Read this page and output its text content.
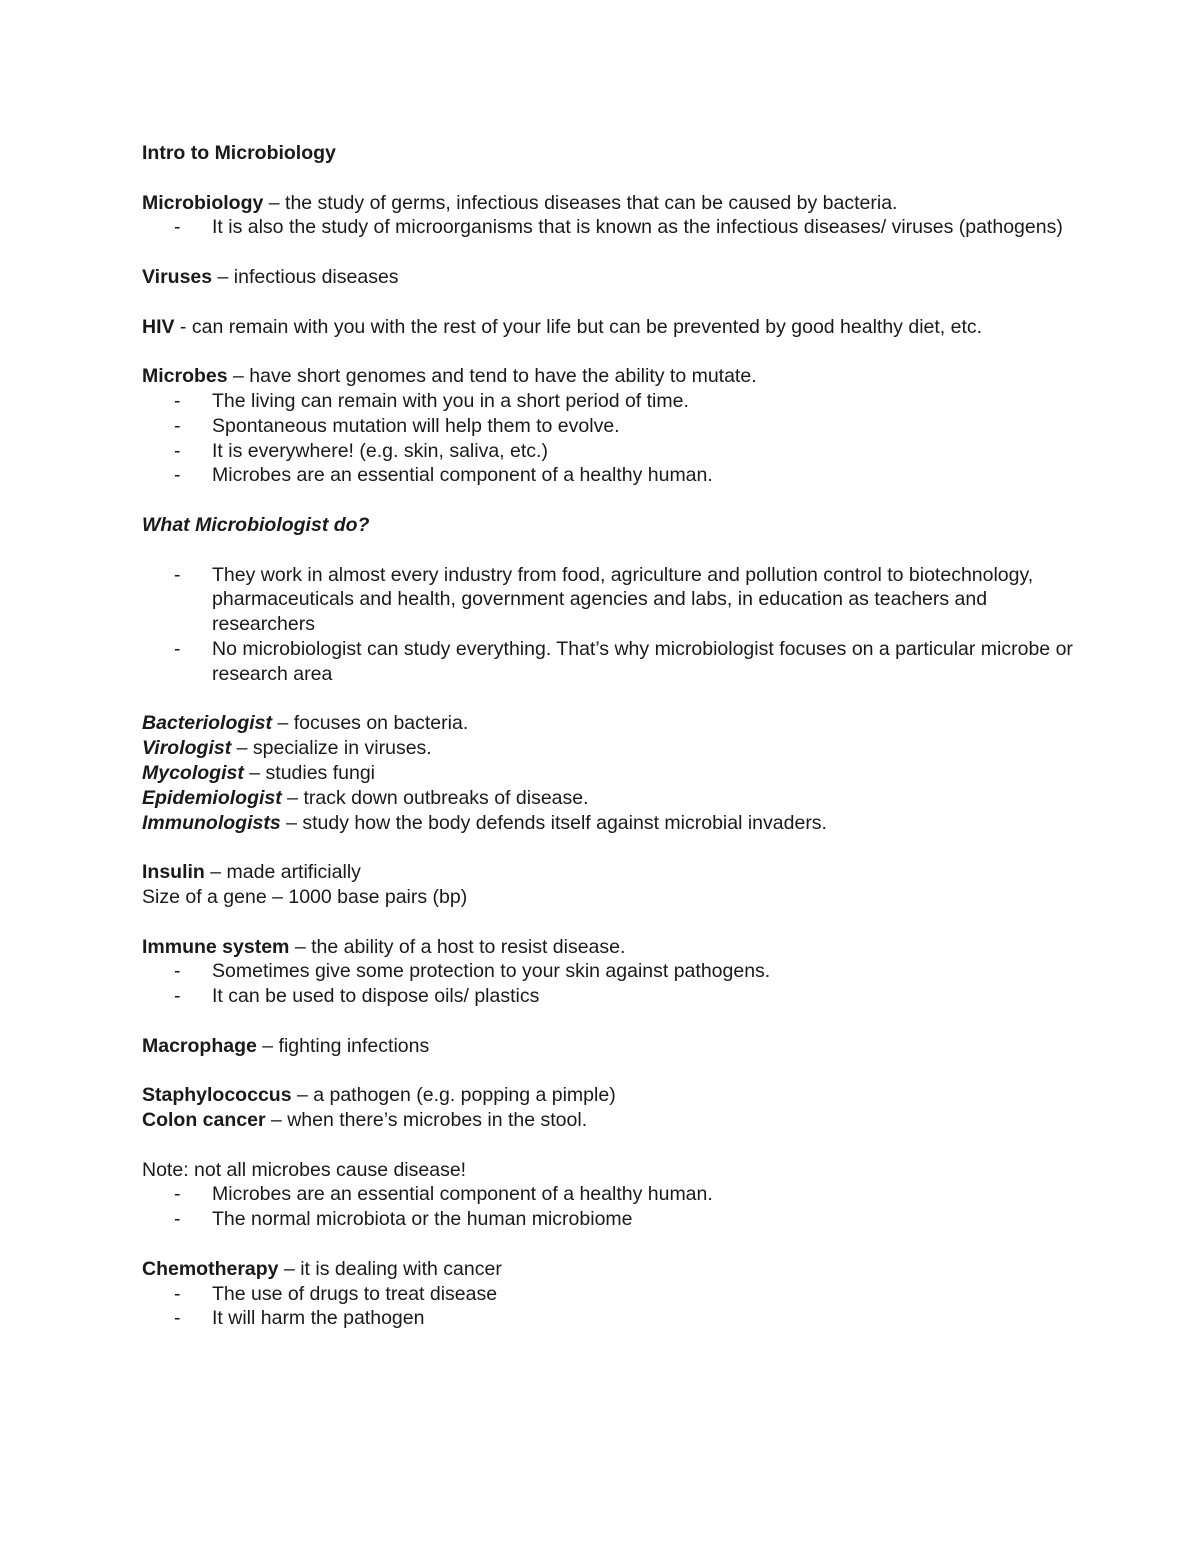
Intro to Microbiology

Microbiology – the study of germs, infectious diseases that can be caused by bacteria.

- It is also the study of microorganisms that is known as the infectious diseases/ viruses (pathogens)

Viruses – infectious diseases

HIV - can remain with you with the rest of your life but can be prevented by good healthy diet, etc.

Microbes – have short genomes and tend to have the ability to mutate.

- The living can remain with you in a short period of time.
- Spontaneous mutation will help them to evolve.
- It is everywhere! (e.g. skin, saliva, etc.)
- Microbes are an essential component of a healthy human.

What Microbiologist do?

- They work in almost every industry from food, agriculture and pollution control to biotechnology, pharmaceuticals and health, government agencies and labs, in education as teachers and researchers
- No microbiologist can study everything. That’s why microbiologist focuses on a particular microbe or research area

Bacteriologist – focuses on bacteria.

Virologist – specialize in viruses.

Mycologist – studies fungi

Epidemiologist – track down outbreaks of disease.

Immunologists – study how the body defends itself against microbial invaders.

Insulin – made artificially

Size of a gene – 1000 base pairs (bp)

Immune system – the ability of a host to resist disease.

- Sometimes give some protection to your skin against pathogens.
- It can be used to dispose oils/ plastics

Macrophage – fighting infections

Staphylococcus – a pathogen (e.g. popping a pimple)

Colon cancer – when there’s microbes in the stool.

Note: not all microbes cause disease!

- Microbes are an essential component of a healthy human.
- The normal microbiota or the human microbiome

Chemotherapy – it is dealing with cancer

- The use of drugs to treat disease
- It will harm the pathogen
